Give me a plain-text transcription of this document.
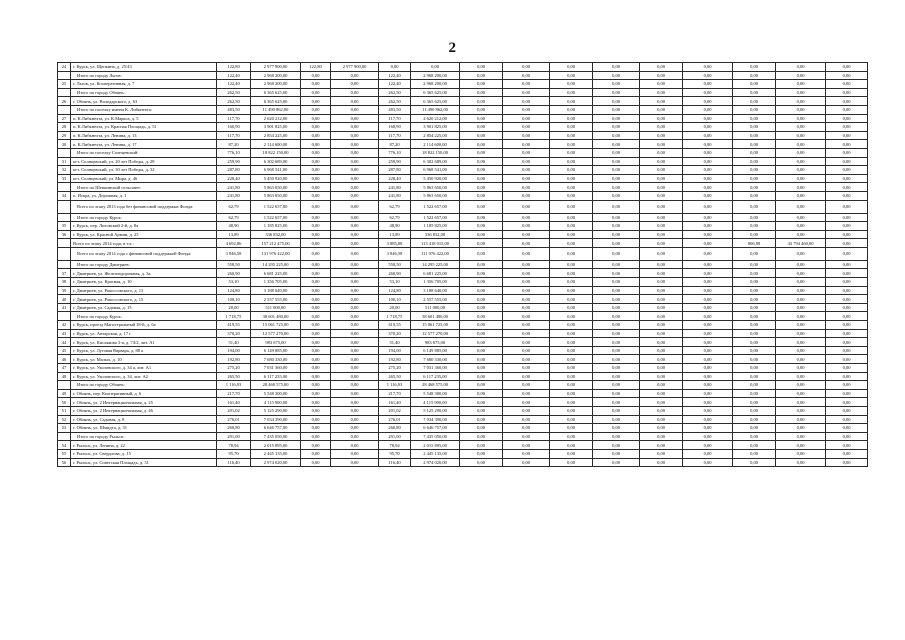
2
24	г. Курск, ул. Щепкина, д. 25/43	122,80	2 977 900,00	122,80	2 977 900,00	0,00	0,00	0,00	0,00	0,00	0,00	0,00	0,00	0,00	0,00	0,00
	Итого по городу Льгов:	122,40	2 968 200,00	0,00	0,00	122,40	2 968 200,00	0,00	0,00	0,00	0,00	0,00	0,00	0,00	0,00	0,00
25	г. Льгов, ул. Кооперативная, д. 7	122,40	2 968 200,00	0,00	0,00	122,40	2 968 200,00	0,00	0,00	0,00	0,00	0,00	0,00	0,00	0,00	0,00
	Итого по городу Обоянь:	262,50	6 365 625,00	0,00	0,00	262,50	6 365 625,00	0,00	0,00	0,00	0,00	0,00	0,00	0,00	0,00	0,00
26	г. Обоянь, ул. Володарского, д. 63	262,50	6 365 625,00	0,00	0,00	262,50	6 365 625,00	0,00	0,00	0,00	0,00	0,00	0,00	0,00	0,00	0,00
	Итого по поселку имени К. Либкнехта:	483,50	11 490 862,00	0,00	0,00	483,50	11 490 862,00	0,00	0,00	0,00	0,00	0,00	0,00	0,00	0,00	0,00
27	п. К.Либкнехта, ул. К.Маркса, д. 5	117,70	2 620 212,00	0,00	0,00	117,70	2 620 212,00	0,00	0,00	0,00	0,00	0,00	0,00	0,00	0,00	0,00
28	п. К.Либкнехта, ул. Красная Площадь, д. 51	160,90	3 901 825,00	0,00	0,00	160,90	3 901 825,00	0,00	0,00	0,00	0,00	0,00	0,00	0,00	0,00	0,00
29	п. К.Либкнехта, ул. Ленина, д. 13	117,70	2 854 225,00	0,00	0,00	117,70	2 854 225,00	0,00	0,00	0,00	0,00	0,00	0,00	0,00	0,00	0,00
30	п. К.Либкнехта, ул. Ленина, д. 17	87,20	2 114 600,00	0,00	0,00	87,20	2 114 600,00	0,00	0,00	0,00	0,00	0,00	0,00	0,00	0,00	0,00
	Итого по поселку Солнцевский:	776,10	18 822 150,00	0,00	0,00	776,10	18 822 150,00	0,00	0,00	0,00	0,00	0,00	0,00	0,00	0,00	0,00
31	пгт. Солнцевский, ул. 20 лет Победы, д. 28	259,90	6 302 689,00	0,00	0,00	259,90	6 302 689,00	0,00	0,00	0,00	0,00	0,00	0,00	0,00	0,00	0,00
32	пгт. Солнцевский, ул. 30 лет Победы, д. 32	287,80	6 968 541,00	0,00	0,00	287,80	6 968 541,00	0,00	0,00	0,00	0,00	0,00	0,00	0,00	0,00	0,00
33	пгт. Солнцевский, ул. Мира, д. 46	228,40	5 450 920,00	0,00	0,00	228,40	5 450 920,00	0,00	0,00	0,00	0,00	0,00	0,00	0,00	0,00	0,00
	Итого по Шепкинский сельсовет:	241,80	5 863 650,00	0,00	0,00	241,80	5 863 650,00	0,00	0,00	0,00	0,00	0,00	0,00	0,00	0,00	0,00
34	п. Искра, ул. Дорожная, д. 1	241,80	5 863 650,00	0,00	0,00	241,80	5 863 650,00	0,00	0,00	0,00	0,00	0,00	0,00	0,00	0,00	0,00
	Всего по этапу 2013 года без финансовой поддержки Фонда:	62,79	1 522 657,00	0,00	0,00	62,79	1 522 657,00	0,00	0,00	0,00	0,00	0,00	0,00	0,00	0,00	0,00
	Итого по городу Курск:	62,79	1 522 657,00	0,00	0,00	62,79	1 522 657,00	0,00	0,00	0,00	0,00	0,00	0,00	0,00	0,00	0,00
35	г. Курск, пер. Литовский 2-й, д. 8а	48,90	1 185 825,00	0,00	0,00	48,90	1 185 825,00	0,00	0,00	0,00	0,00	0,00	0,00	0,00	0,00	0,00
36	г. Курск, ул. Красной Армии, д. 25	13,89	336 832,00	0,00	0,00	13,89	336 832,00	0,00	0,00	0,00	0,00	0,00	0,00	0,00	0,00	0,00
	Всего по этапу 2014 года, в т.ч.:	4 692,86	157 212 475,00	0,00	0,00	3 885,08	113 418 015,00	0,00	0,00	0,00	0,00	0,00	0,00	806,98	43 794 460,00	0,00
	Всего по этапу 2014 года с финансовой поддержкой Фонда:	3 846,58	131 976 422,00	0,00	0,00	3 846,58	111 976 422,00	0,00	0,00	0,00	0,00	0,00	0,00	0,00	0,00	0,00
	Итого по городу Дмитриев:	558,50	14 295 225,00	0,00	0,00	558,50	14 295 225,00	0,00	0,00	0,00	0,00	0,00	0,00	0,00	0,00	0,00
37	г. Дмитриев, ул. Железнодорожная, д. 3а	260,90	6 681 225,00	0,00	0,00	260,90	6 681 225,00	0,00	0,00	0,00	0,00	0,00	0,00	0,00	0,00	0,00
38	г. Дмитриев, ул. Красная, д. 10	53,10	1 356 705,00	0,00	0,00	53,10	1 356 705,00	0,00	0,00	0,00	0,00	0,00	0,00	0,00	0,00	0,00
39	г. Дмитриев, ул. Рокоссовского, д. 13	124,80	3 188 640,00	0,00	0,00	124,80	3 188 640,00	0,00	0,00	0,00	0,00	0,00	0,00	0,00	0,00	0,00
40	г. Дмитриев, ул. Рокоссовского, д. 15	100,10	2 557 555,00	0,00	0,00	100,10	2 557 555,00	0,00	0,00	0,00	0,00	0,00	0,00	0,00	0,00	0,00
41	г. Дмитриев, ул. Садовая, д. 15	20,00	511 000,00	0,00	0,00	20,00	511 000,00	0,00	0,00	0,00	0,00	0,00	0,00	0,00	0,00	0,00
	Итого по городу Курск:	1 718,75	38 601 480,00	0,00	0,00	1 718,75	38 601 480,00	0,00	0,00	0,00	0,00	0,00	0,00	0,00	0,00	0,00
42	г. Курск, проезд Магистральный 18-й, д. 6а	419,55	15 061 725,00	0,00	0,00	419,55	15 061 725,00	0,00	0,00	0,00	0,00	0,00	0,00	0,00	0,00	0,00
43	г. Курск, ул. Антарская, д. 17 г	370,20	12 577 270,00	0,00	0,00	370,20	12 577 270,00	0,00	0,00	0,00	0,00	0,00	0,00	0,00	0,00	0,00
44	г. Курск, ул. Кислякова 3-я, д. 74/2, лит. А1	51,40	983 675,00	0,00	0,00	51,40	983 675,00	0,00	0,00	0,00	0,00	0,00	0,00	0,00	0,00	0,00
45	г. Курск, ул. Луговая Варвара, д. 88 а	194,00	6 149 885,00	0,00	0,00	194,00	6 149 885,00	0,00	0,00	0,00	0,00	0,00	0,00	0,00	0,00	0,00
46	г. Курск, ул. Малых, д. 10	192,80	7 680 330,00	0,00	0,00	192,80	7 680 330,00	0,00	0,00	0,00	0,00	0,00	0,00	0,00	0,00	0,00
47	г. Курск, ул. Уколовского, д. 34 а, лит. А1	275,20	7 031 360,00	0,00	0,00	275,20	7 031 360,00	0,00	0,00	0,00	0,00	0,00	0,00	0,00	0,00	0,00
48	г. Курск, ул. Уколовского, д. 34, лит. А2	265,50	6 117 235,00	0,00	0,00	265,50	6 117 235,00	0,00	0,00	0,00	0,00	0,00	0,00	0,00	0,00	0,00
	Итого по городу Обоянь:	1 116,93	28 468 575,00	0,00	0,00	1 116,93	28 468 575,00	0,00	0,00	0,00	0,00	0,00	0,00	0,00	0,00	0,00
49	г. Обоянь, пер. Кооперативный, д. 6	217,70	5 548 300,00	0,00	0,00	217,70	5 548 300,00	0,00	0,00	0,00	0,00	0,00	0,00	0,00	0,00	0,00
50	г. Обоянь, ул. 2 Интернациональная, д. 25	161,40	4 115 900,00	0,00	0,00	161,40	4 115 900,00	0,00	0,00	0,00	0,00	0,00	0,00	0,00	0,00	0,00
51	г. Обоянь, ул. 2 Интернациональная, д. 46	201,02	5 125 290,00	0,00	0,00	201,02	5 125 290,00	0,00	0,00	0,00	0,00	0,00	0,00	0,00	0,00	0,00
52	г. Обоянь, ул. Садовая, д. 8	276,01	7 034 390,00	0,00	0,00	276,01	7 034 390,00	0,00	0,00	0,00	0,00	0,00	0,00	0,00	0,00	0,00
53	г. Обоянь, ул. Шмидта, д. 31	260,80	6 646 757,00	0,00	0,00	260,80	6 646 757,00	0,00	0,00	0,00	0,00	0,00	0,00	0,00	0,00	0,00
	Итого по городу Рыльск:	291,00	7 435 050,00	0,00	0,00	291,00	7 435 050,00	0,00	0,00	0,00	0,00	0,00	0,00	0,00	0,00	0,00
54	г. Рыльск, ул. Ленина, д. 22	78,94	2 015 895,00	0,00	0,00	78,94	2 015 895,00	0,00	0,00	0,00	0,00	0,00	0,00	0,00	0,00	0,00
55	г. Рыльск, ул. Свердлова, д. 15	95,70	2 445 135,00	0,00	0,00	95,70	2 445 135,00	0,00	0,00	0,00	0,00	0,00	0,00	0,00	0,00	0,00
56	г. Рыльск, ул. Советская Площадь, д. 31	116,40	2 974 020,00	0,00	0,00	116,40	2 974 020,00	0,00	0,00	0,00	0,00	0,00	0,00	0,00	0,00	0,00
